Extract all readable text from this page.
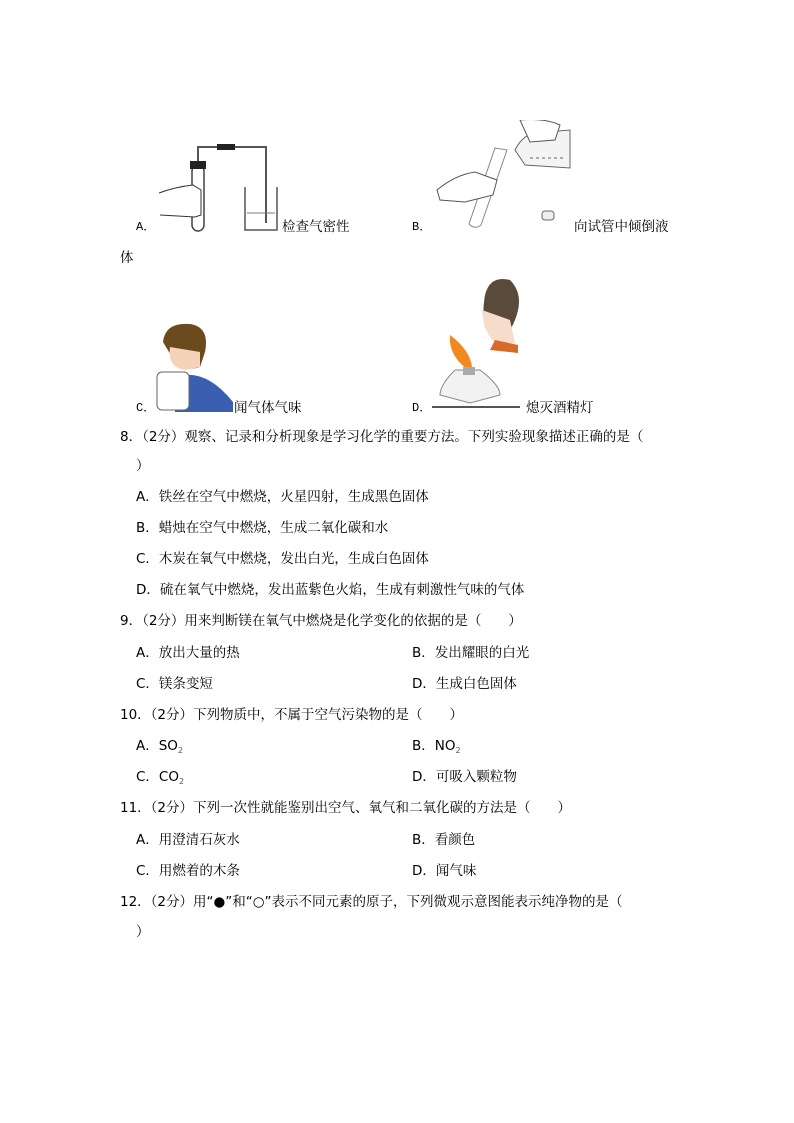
A．	检查气密性	B．	向试管中倾倒液
体
C．	闻气体气味	D．	熄灭酒精灯
8．（2分）观察、记录和分析现象是学习化学的重要方法。下列实验现象描述正确的是（
）
A．铁丝在空气中燃烧，火星四射，生成黑色固体
B．蜡烛在空气中燃烧，生成二氧化碳和水
C．木炭在氧气中燃烧，发出白光，生成白色固体
D．硫在氧气中燃烧，发出蓝紫色火焰，生成有刺激性气味的气体
9．（2分）用来判断镁在氧气中燃烧是化学变化的依据的是（　　）
A．放出大量的热	B．发出耀眼的白光
C．镁条变短	D．生成白色固体
10．（2分）下列物质中，不属于空气污染物的是（　　）
A．$SO_2$	B．$NO_2$
C．$CO_2$	D．可吸入颗粒物
11．（2分）下列一次性就能鉴别出空气、氧气和二氧化碳的方法是（　　）
A．用澄清石灰水	B．看颜色
C．用燃着的木条	D．闻气味
12．（2分）用“●”和“○”表示不同元素的原子，下列微观示意图能表示纯净物的是（
）
